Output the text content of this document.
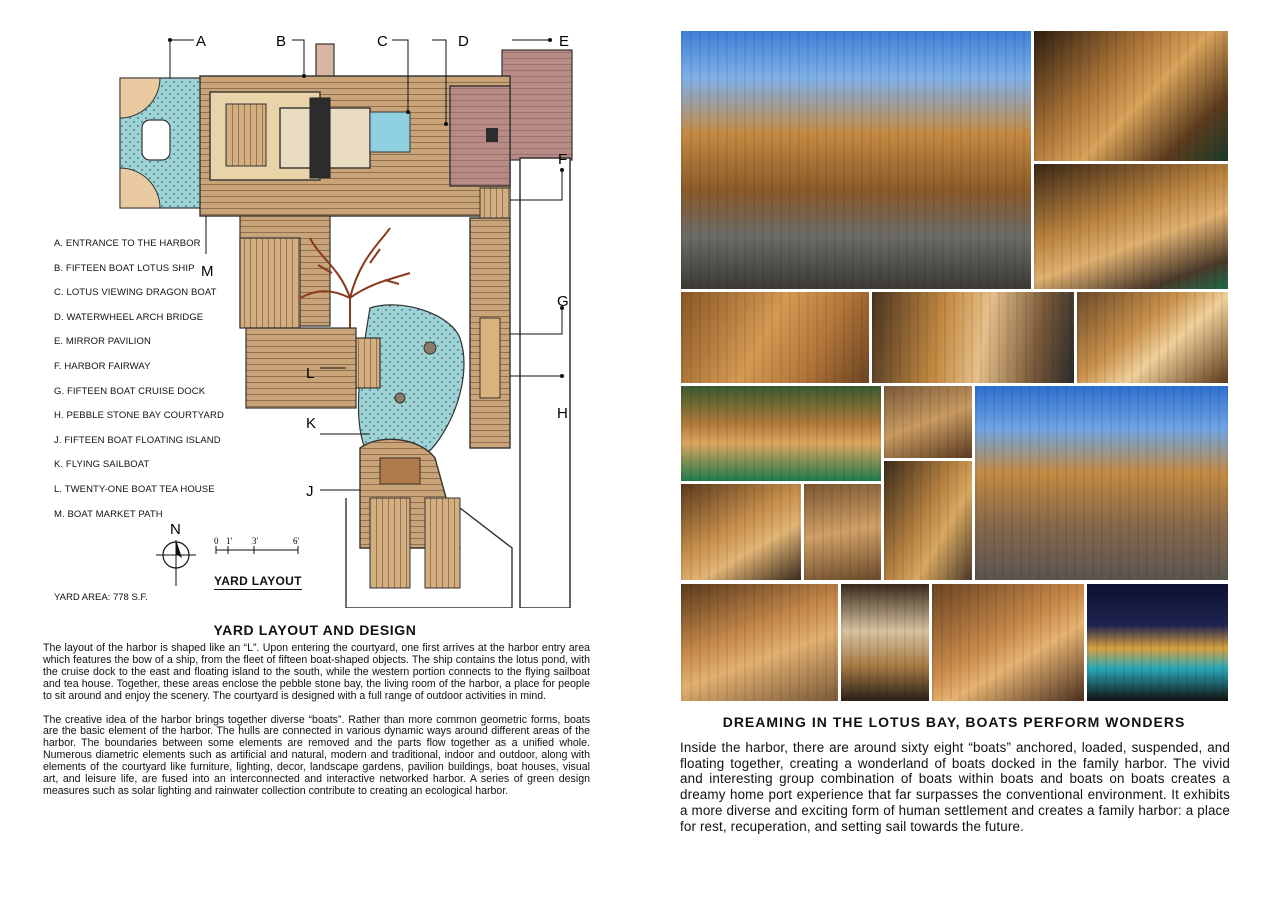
A	B	C	D	E
F
G
H
J
K
L
M
N
0 1' 3'	6'
A. ENTRANCE TO THE HARBOR
B. FIFTEEN BOAT LOTUS SHIP
C. LOTUS VIEWING DRAGON BOAT
D. WATERWHEEL ARCH BRIDGE
E. MIRROR PAVILION
F. HARBOR FAIRWAY
G. FIFTEEN BOAT CRUISE DOCK
H. PEBBLE STONE BAY COURTYARD
J. FIFTEEN BOAT FLOATING ISLAND
K. FLYING SAILBOAT
L. TWENTY-ONE BOAT TEA HOUSE
M. BOAT MARKET PATH
YARD LAYOUT
YARD AREA: 778 S.F.
YARD LAYOUT AND DESIGN

The layout of the harbor is shaped like an “L”. Upon entering the courtyard, one first arrives at the harbor entry area which features the bow of a ship, from the fleet of fifteen boat-shaped objects. The ship contains the lotus pond, with the cruise dock to the east and floating island to the south, while the western portion connects to the flying sailboat and tea house. Together, these areas enclose the pebble stone bay, the living room of the harbor, a place for people to sit around and enjoy the scenery. The courtyard is designed with a full range of outdoor activities in mind.

The creative idea of the harbor brings together diverse “boats”. Rather than more common geometric forms, boats are the basic element of the harbor. The hulls are connected in various dynamic ways around different areas of the harbor. The boundaries between some elements are removed and the parts flow together as a unified whole. Numerous diametric elements such as artificial and natural, modern and traditional, indoor and outdoor, along with elements of the courtyard like furniture, lighting, decor, landscape gardens, pavilion buildings, boat houses, visual art, and leisure life, are fused into an interconnected and interactive networked harbor. A series of green design measures such as solar lighting and rainwater collection contribute to creating an ecological harbor.

DREAMING IN THE LOTUS BAY, BOATS PERFORM WONDERS
Inside the harbor, there are around sixty eight “boats” anchored, loaded, suspended, and floating together, creating a wonderland of boats docked in the family harbor. The vivid and interesting group combination of boats within boats and boats on boats creates a dreamy home port experience that far surpasses the conventional environment. It exhibits a more diverse and exciting form of human settlement and creates a family harbor: a place for rest, recuperation, and setting sail towards the future.
